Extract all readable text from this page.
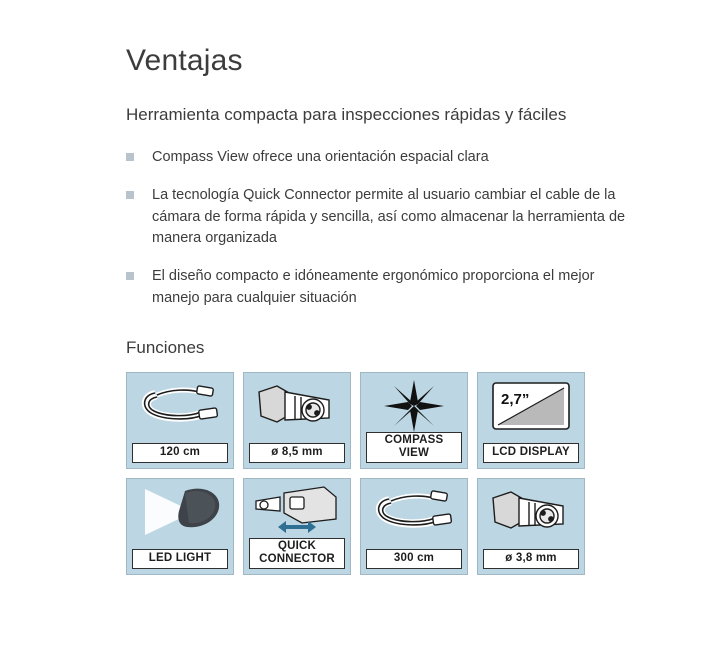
Ventajas

Herramienta compacta para inspecciones rápidas y fáciles

Compass View ofrece una orientación espacial clara
La tecnología Quick Connector permite al usuario cambiar el cable de la cámara de forma rápida y sencilla, así como almacenar la herramienta de manera organizada
El diseño compacto e idóneamente ergonómico proporciona el mejor manejo para cualquier situación
Funciones
120 cm	ø 8,5 mm
COMPASS
VIEW
2,7”
LCD DISPLAY
LED LIGHT
QUICK
CONNECTOR	300 cm	ø 3,8 mm
